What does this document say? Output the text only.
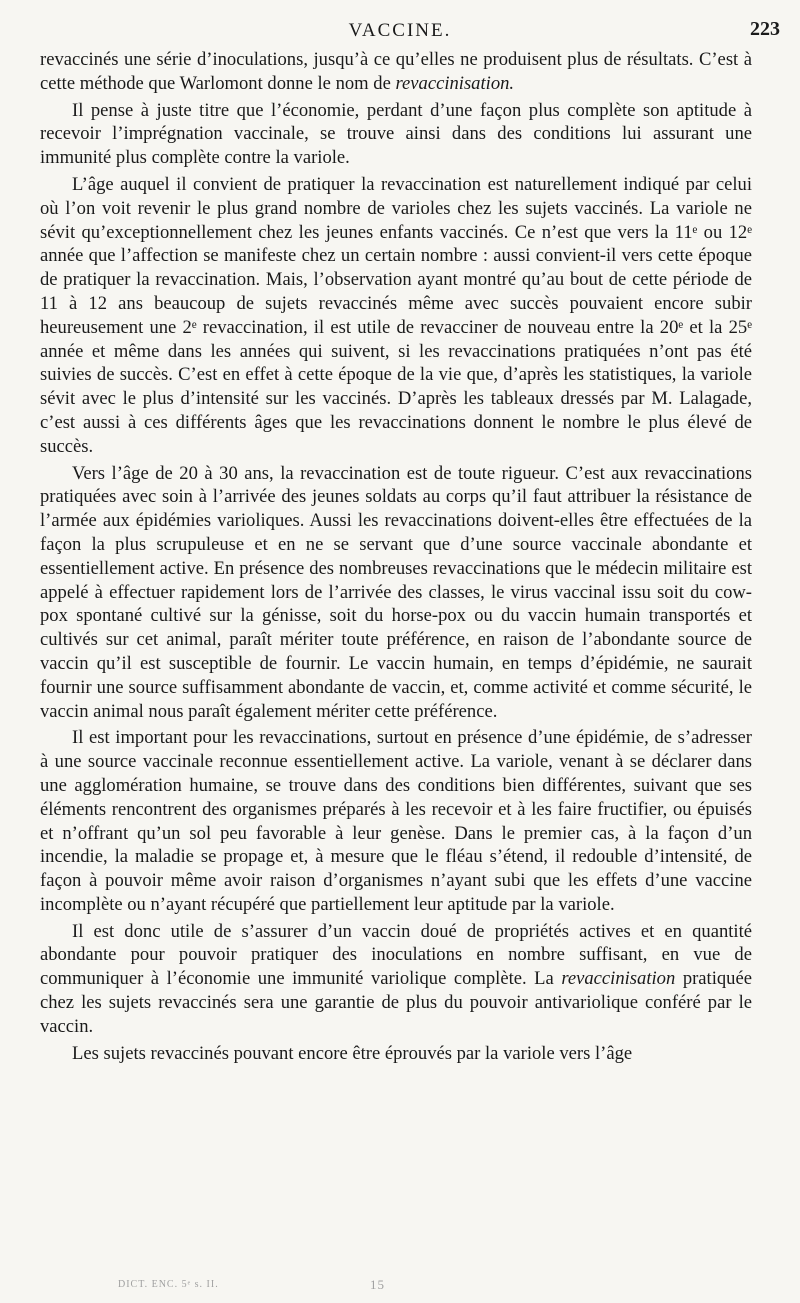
VACCINE.	223

revaccinés une série d’inoculations, jusqu’à ce qu’elles ne produisent plus de résultats. C’est à cette méthode que Warlomont donne le nom de revaccinisation.

Il pense à juste titre que l’économie, perdant d’une façon plus complète son aptitude à recevoir l’imprégnation vaccinale, se trouve ainsi dans des conditions lui assurant une immunité plus complète contre la variole.

L’âge auquel il convient de pratiquer la revaccination est naturellement indiqué par celui où l’on voit revenir le plus grand nombre de varioles chez les sujets vaccinés. La variole ne sévit qu’exceptionnellement chez les jeunes enfants vaccinés. Ce n’est que vers la 11ᵉ ou 12ᵉ année que l’affection se manifeste chez un certain nombre : aussi convient-il vers cette époque de pratiquer la revaccination. Mais, l’observation ayant montré qu’au bout de cette période de 11 à 12 ans beaucoup de sujets revaccinés même avec succès pouvaient encore subir heureusement une 2ᵉ revaccination, il est utile de revacciner de nouveau entre la 20ᵉ et la 25ᵉ année et même dans les années qui suivent, si les revaccinations pratiquées n’ont pas été suivies de succès. C’est en effet à cette époque de la vie que, d’après les statistiques, la variole sévit avec le plus d’intensité sur les vaccinés. D’après les tableaux dressés par M. Lalagade, c’est aussi à ces différents âges que les revaccinations donnent le nombre le plus élevé de succès.

Vers l’âge de 20 à 30 ans, la revaccination est de toute rigueur. C’est aux revaccinations pratiquées avec soin à l’arrivée des jeunes soldats au corps qu’il faut attribuer la résistance de l’armée aux épidémies varioliques. Aussi les revaccinations doivent-elles être effectuées de la façon la plus scrupuleuse et en ne se servant que d’une source vaccinale abondante et essentiellement active. En présence des nombreuses revaccinations que le médecin militaire est appelé à effectuer rapidement lors de l’arrivée des classes, le virus vaccinal issu soit du cow-pox spontané cultivé sur la génisse, soit du horse-pox ou du vaccin humain transportés et cultivés sur cet animal, paraît mériter toute préférence, en raison de l’abondante source de vaccin qu’il est susceptible de fournir. Le vaccin humain, en temps d’épidémie, ne saurait fournir une source suffisamment abondante de vaccin, et, comme activité et comme sécurité, le vaccin animal nous paraît également mériter cette préférence.

Il est important pour les revaccinations, surtout en présence d’une épidémie, de s’adresser à une source vaccinale reconnue essentiellement active. La variole, venant à se déclarer dans une agglomération humaine, se trouve dans des conditions bien différentes, suivant que ses éléments rencontrent des organismes préparés à les recevoir et à les faire fructifier, ou épuisés et n’offrant qu’un sol peu favorable à leur genèse. Dans le premier cas, à la façon d’un incendie, la maladie se propage et, à mesure que le fléau s’étend, il redouble d’intensité, de façon à pouvoir même avoir raison d’organismes n’ayant subi que les effets d’une vaccine incomplète ou n’ayant récupéré que partiellement leur aptitude par la variole.

Il est donc utile de s’assurer d’un vaccin doué de propriétés actives et en quantité abondante pour pouvoir pratiquer des inoculations en nombre suffisant, en vue de communiquer à l’économie une immunité variolique complète. La revaccinisation pratiquée chez les sujets revaccinés sera une garantie de plus du pouvoir antivariolique conféré par le vaccin.

Les sujets revaccinés pouvant encore être éprouvés par la variole vers l’âge

DICT. ENC. 5ᵉ s. II.	15
